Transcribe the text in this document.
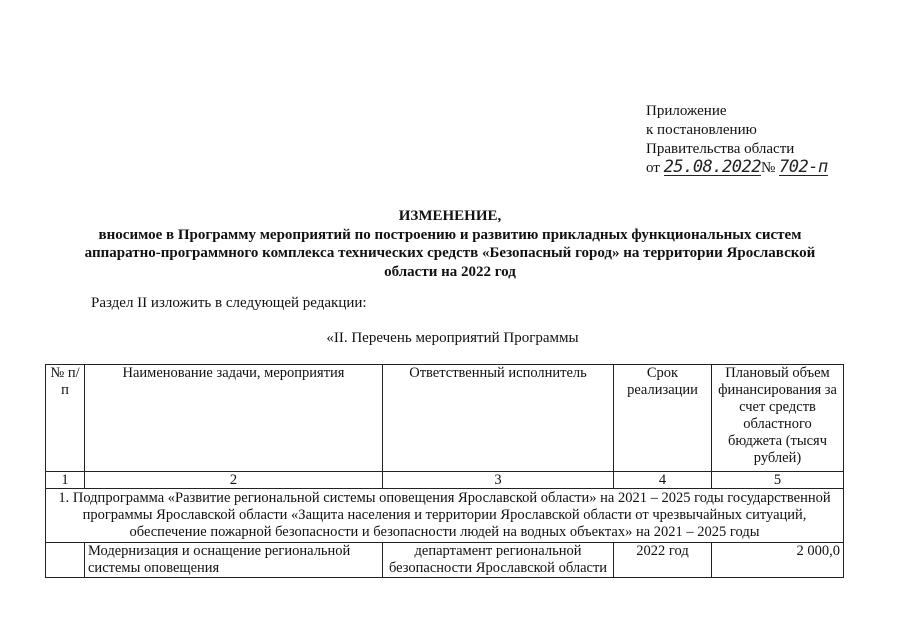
Приложение
к постановлению
Правительства области
от 25.08.2022№ 702-п
ИЗМЕНЕНИЕ,
вносимое в Программу мероприятий по построению и развитию прикладных функциональных систем
аппаратно-программного комплекса технических средств «Безопасный город» на территории Ярославской
области на 2022 год
Раздел II изложить в следующей редакции:
«II. Перечень мероприятий Программы
№ п/п	Наименование задачи, мероприятия	Ответственный исполнитель	Срок реализации	Плановый объем финансирования за счет средств областного бюджета (тысяч рублей)
1	2	3	4	5
1. Подпрограмма «Развитие региональной системы оповещения Ярославской области» на 2021 – 2025 годы государственной программы Ярославской области «Защита населения и территории Ярославской области от чрезвычайных ситуаций, обеспечение пожарной безопасности и безопасности людей на водных объектах» на 2021 – 2025 годы				
	Модернизация и оснащение региональной системы оповещения	департамент региональной безопасности Ярославской области	2022 год	2 000,0
